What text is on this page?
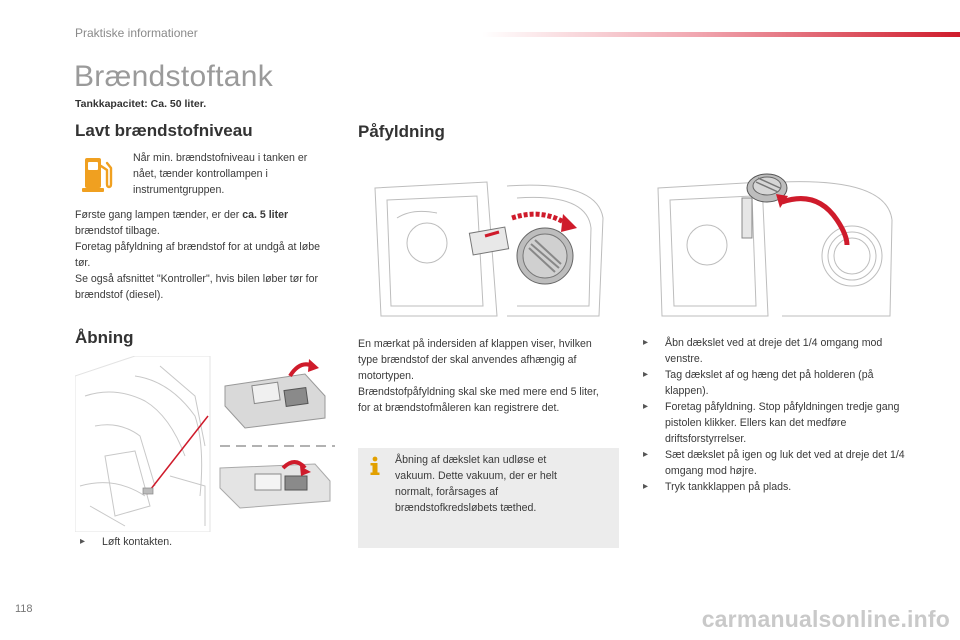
Praktiske informationer
Brændstoftank
Tankkapacitet: Ca. 50 liter.
Lavt brændstofniveau
Når min. brændstofniveau i tanken er nået, tænder kontrollampen i instrumentgruppen.
Første gang lampen tænder, er der ca. 5 liter brændstof tilbage.
Foretag påfyldning af brændstof for at undgå at løbe tør.
Se også afsnittet "Kontroller", hvis bilen løber tør for brændstof (diesel).
Åbning
▸ Løft kontakten.
Påfyldning
En mærkat på indersiden af klappen viser, hvilken type brændstof der skal anvendes afhængig af motortypen.
Brændstofpåfyldning skal ske med mere end 5 liter, for at brændstofmåleren kan registrere det.
Åbning af dækslet kan udløse et vakuum. Dette vakuum, der er helt normalt, forårsages af brændstofkredsløbets tæthed.
▸ Åbn dækslet ved at dreje det 1/4 omgang mod venstre.
▸ Tag dækslet af og hæng det på holderen (på klappen).
▸ Foretag påfyldning. Stop påfyldningen tredje gang pistolen klikker. Ellers kan det medføre driftsforstyrrelser.
▸ Sæt dækslet på igen og luk det ved at dreje det 1/4 omgang mod højre.
▸ Tryk tankklappen på plads.
118	carmanualsonline.info
